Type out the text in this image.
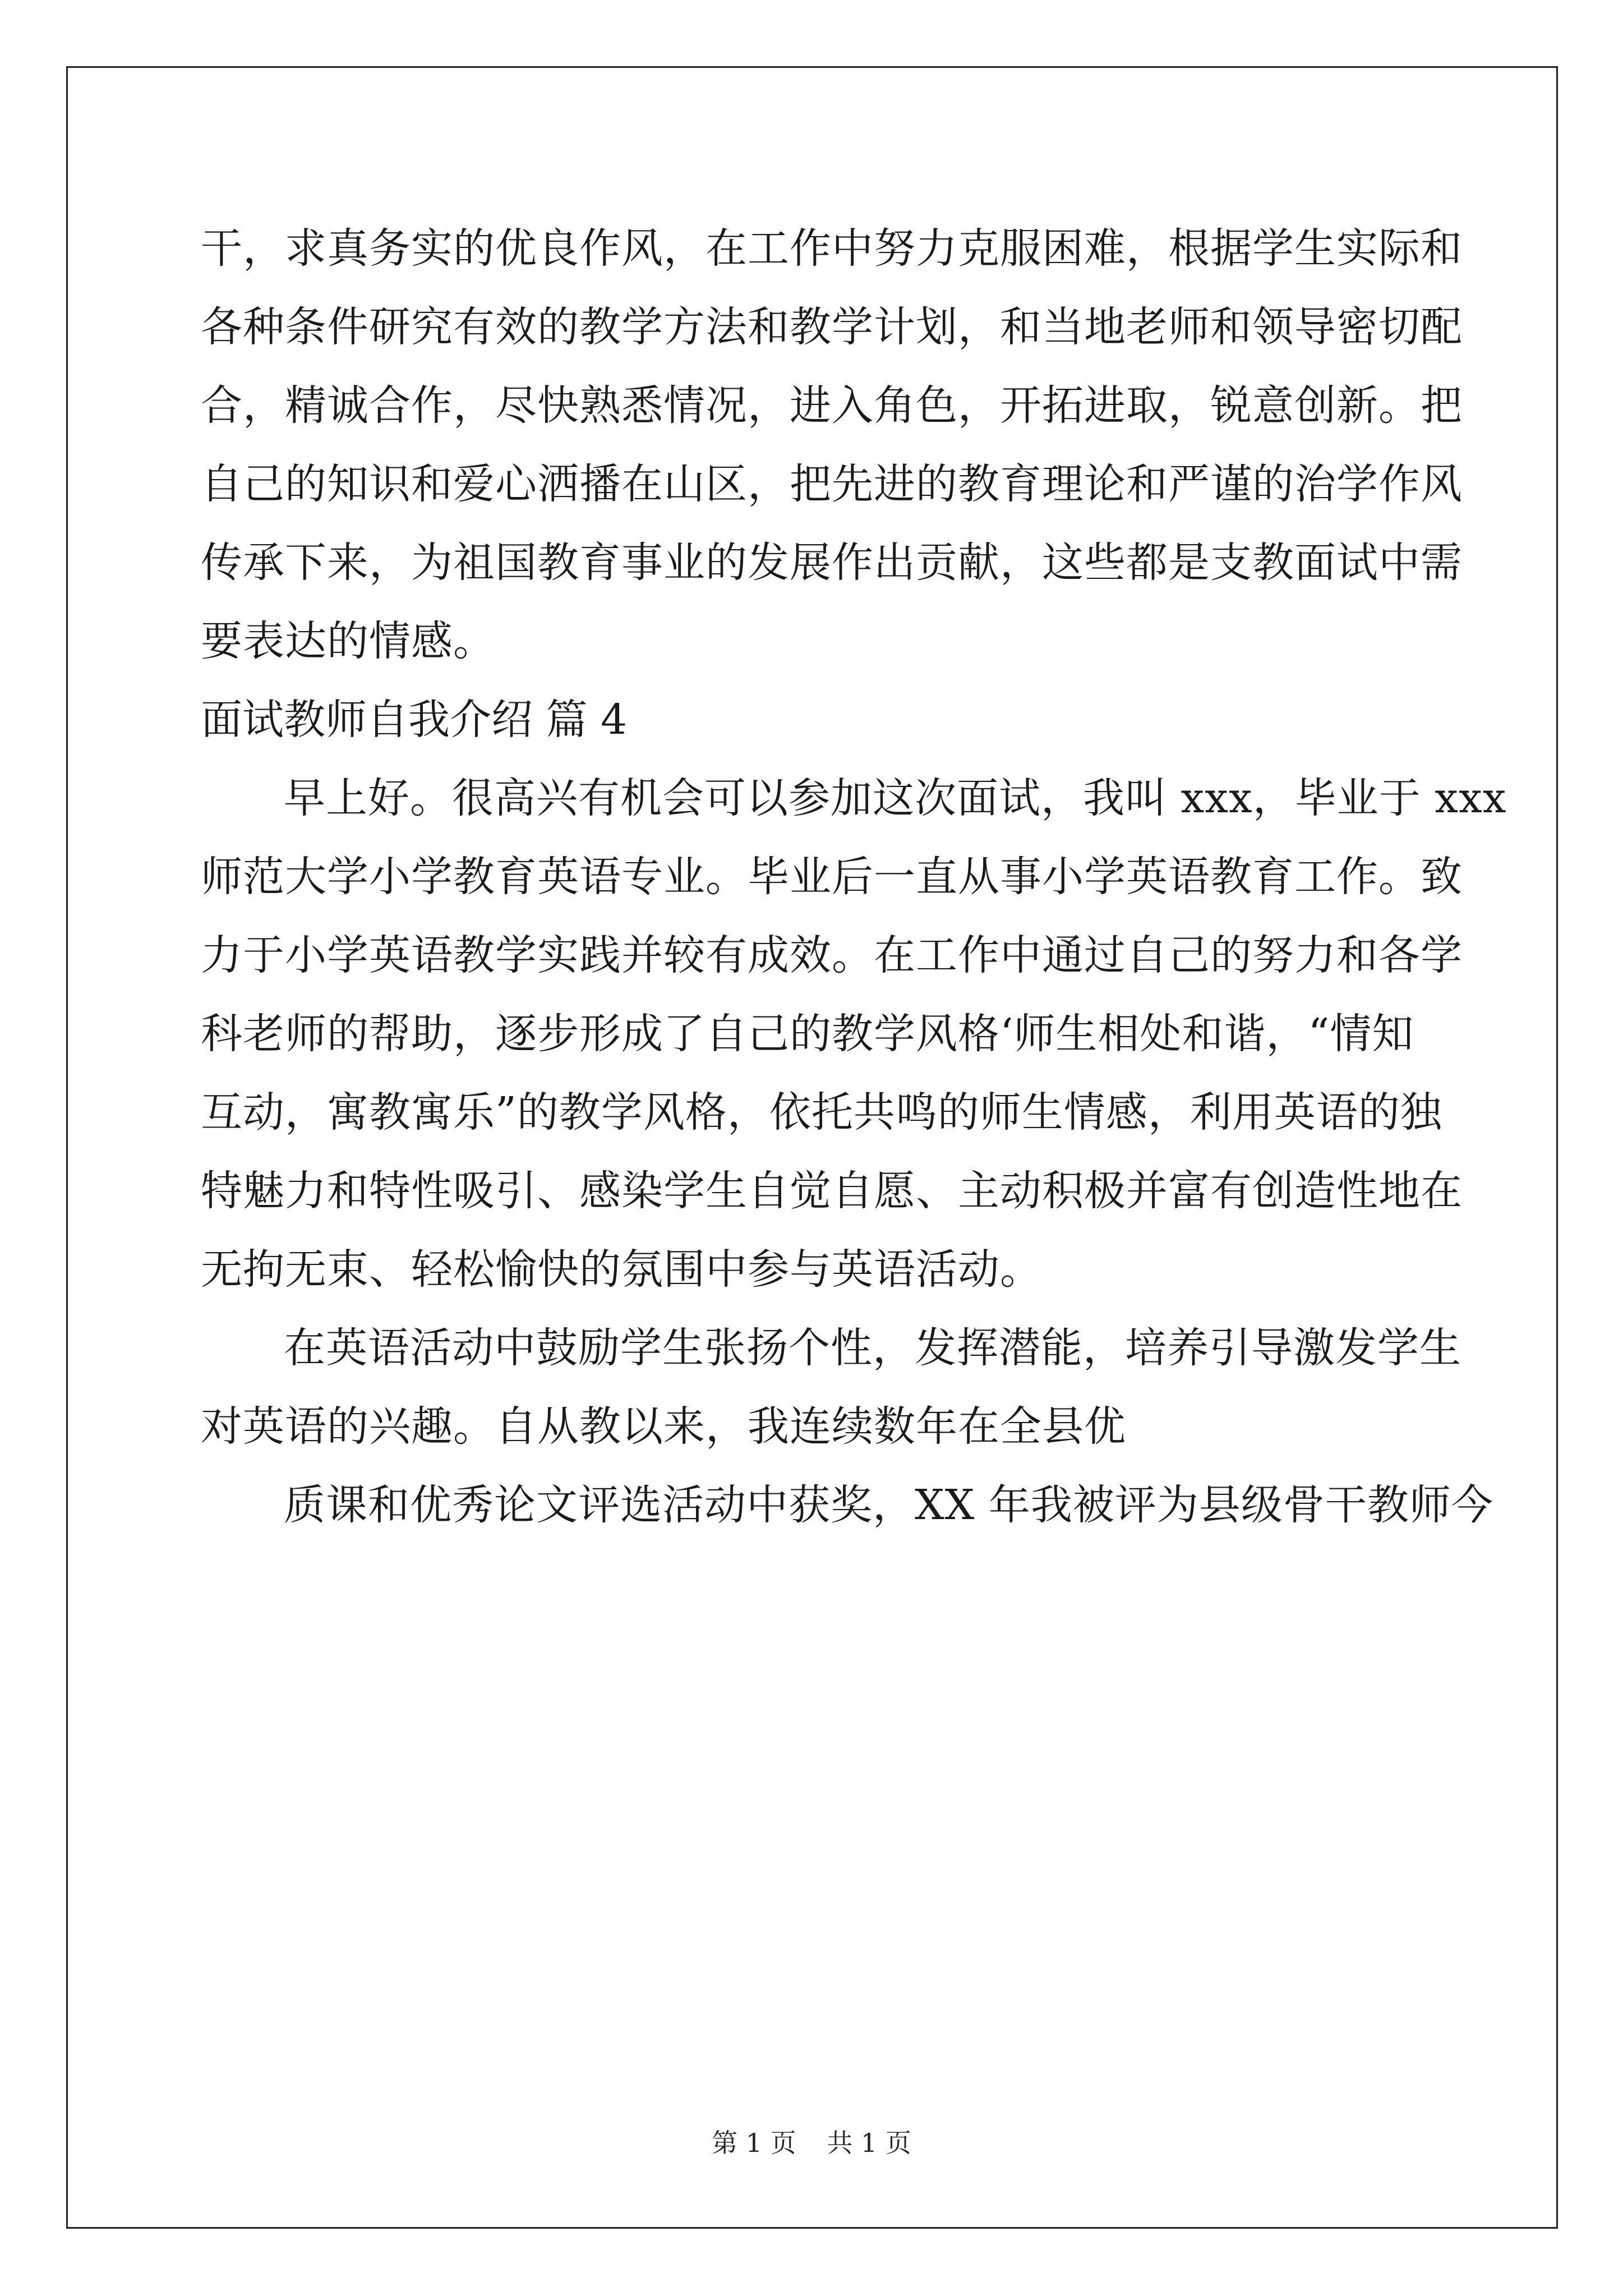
干，求真务实的优良作风，在工作中努力克服困难，根据学生实际和
各种条件研究有效的教学方法和教学计划，和当地老师和领导密切配
合，精诚合作，尽快熟悉情况，进入角色，开拓进取，锐意创新。把
自己的知识和爱心洒播在山区，把先进的教育理论和严谨的治学作风
传承下来，为祖国教育事业的发展作出贡献，这些都是支教面试中需
要表达的情感。
面试教师自我介绍 篇 4
早上好。很高兴有机会可以参加这次面试，我叫 xxx，毕业于 xxx
师范大学小学教育英语专业。毕业后一直从事小学英语教育工作。致
力于小学英语教学实践并较有成效。在工作中通过自己的努力和各学
科老师的帮助，逐步形成了自己的教学风格‘师生相处和谐，“情知
互动，寓教寓乐”的教学风格，依托共鸣的师生情感，利用英语的独
特魅力和特性吸引、感染学生自觉自愿、主动积极并富有创造性地在
无拘无束、轻松愉快的氛围中参与英语活动。
在英语活动中鼓励学生张扬个性，发挥潜能，培养引导激发学生
对英语的兴趣。自从教以来，我连续数年在全县优
质课和优秀论文评选活动中获奖，XX 年我被评为县级骨干教师今
第 1 页 共 1 页
